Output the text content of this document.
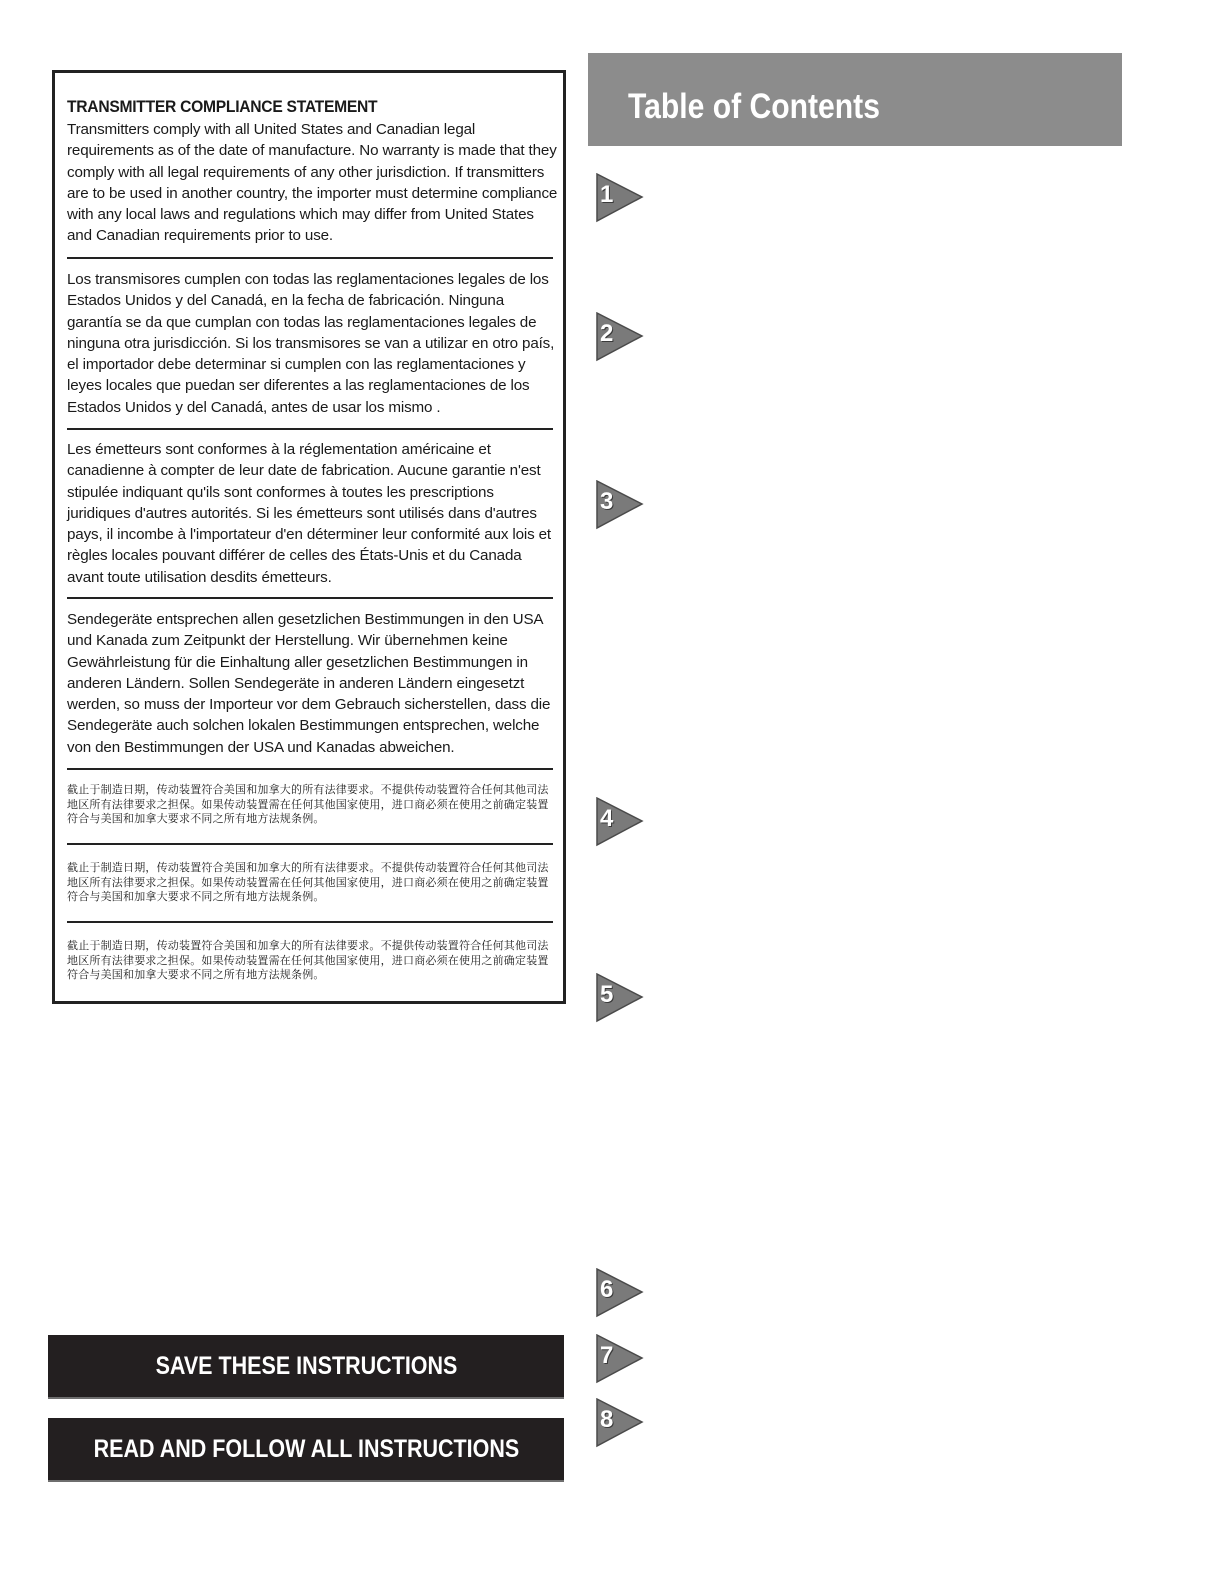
TRANSMITTER COMPLIANCE STATEMENT
Transmitters comply with all United States and Canadian legal requirements as of the date of manufacture. No warranty is made that they comply with all legal requirements of any other jurisdiction. If transmitters are to be used in another country, the importer must determine compliance with any local laws and regulations which may differ from United States and Canadian requirements prior to use.
Los transmisores cumplen con todas las reglamentaciones legales de los Estados Unidos y del Canadá, en la fecha de fabricación. Ninguna garantía se da que cumplan con todas las reglamentaciones legales de ninguna otra jurisdicción. Si los transmisores se van a utilizar en otro país, el importador debe determinar si cumplen con las reglamentaciones y leyes locales que puedan ser diferentes a las reglamentaciones de los Estados Unidos y del Canadá, antes de usar los mismo .
Les émetteurs sont conformes à la réglementation américaine et canadienne à compter de leur date de fabrication. Aucune garantie n'est stipulée indiquant qu'ils sont conformes à toutes les prescriptions juridiques d'autres autorités. Si les émetteurs sont utilisés dans d'autres pays, il incombe à l'importateur d'en déterminer leur conformité aux lois et règles locales pouvant différer de celles des États-Unis et du Canada avant toute utilisation desdits émetteurs.
Sendegeräte entsprechen allen gesetzlichen Bestimmungen in den USA und Kanada zum Zeitpunkt der Herstellung. Wir übernehmen keine Gewährleistung für die Einhaltung aller gesetzlichen Bestimmungen in anderen Ländern. Sollen Sendegeräte in anderen Ländern eingesetzt werden, so muss der Importeur vor dem Gebrauch sicherstellen, dass die Sendegeräte auch solchen lokalen Bestimmungen entsprechen, welche von den Bestimmungen der USA und Kanadas abweichen.
截止于制造日期，传动装置符合美国和加拿大的所有法律要求。不提供传动装置符合任何其他司法地区所有法律要求之担保。如果传动装置需在任何其他国家使用，进口商必须在使用之前确定装置符合与美国和加拿大要求不同之所有地方法规条例。
截止于制造日期，传动装置符合美国和加拿大的所有法律要求。不提供传动装置符合任何其他司法地区所有法律要求之担保。如果传动装置需在任何其他国家使用，进口商必须在使用之前确定装置符合与美国和加拿大要求不同之所有地方法规条例。
截止于制造日期，传动装置符合美国和加拿大的所有法律要求。不提供传动装置符合任何其他司法地区所有法律要求之担保。如果传动装置需在任何其他国家使用，进口商必须在使用之前确定装置符合与美国和加拿大要求不同之所有地方法规条例。
SAVE THESE INSTRUCTIONS
READ AND FOLLOW ALL INSTRUCTIONS
Table of Contents
1
2
3
4
5
6
7
8
